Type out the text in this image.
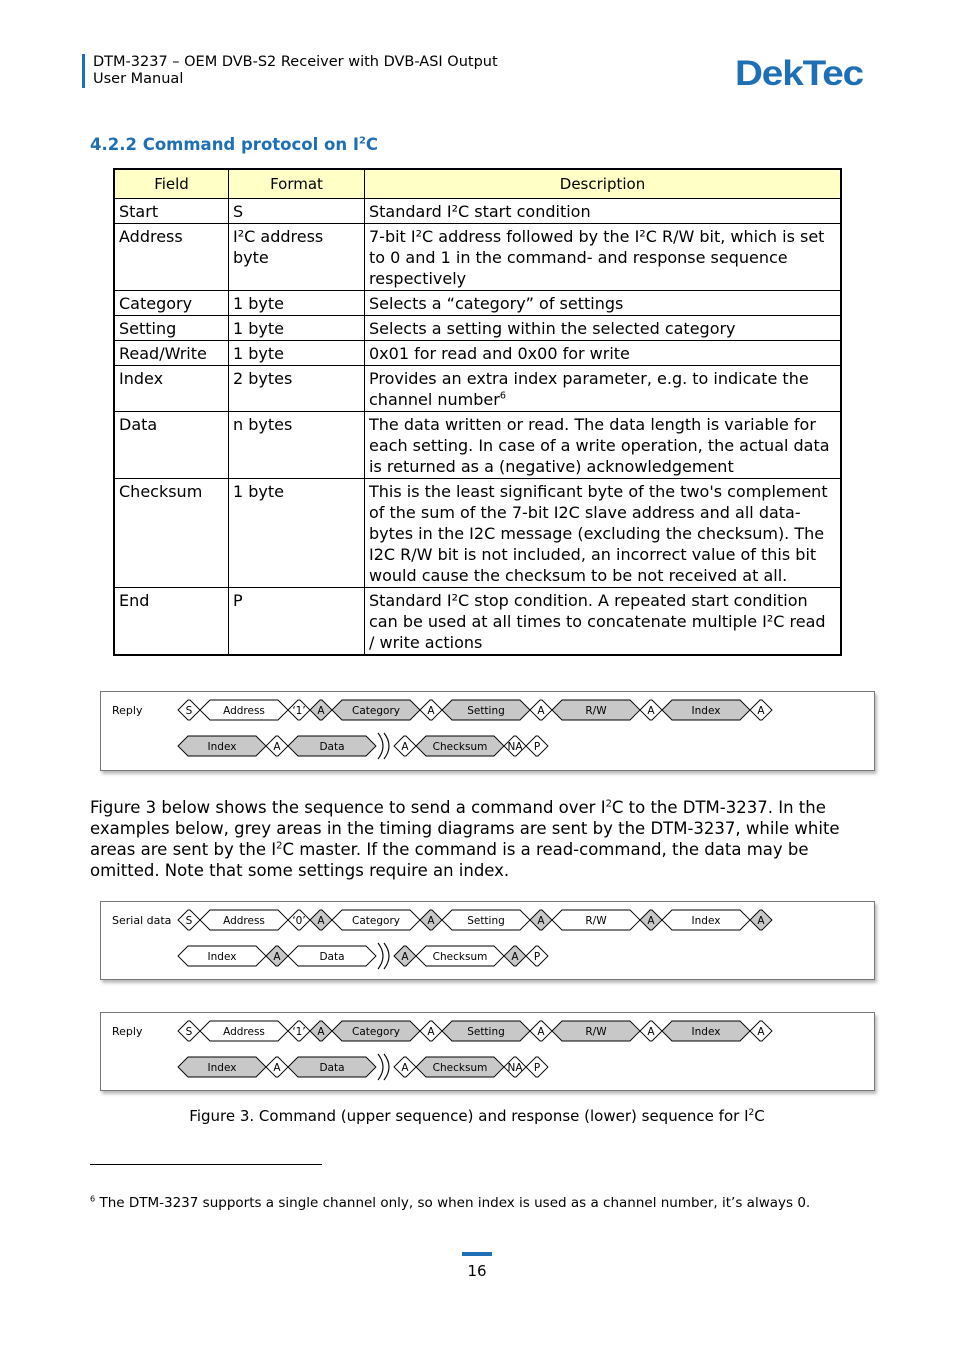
DTM-3237 – OEM DVB-S2 Receiver with DVB-ASI Output
User Manual	DekTec
4.2.2 Command protocol on $I^2C$
Field	Format	Description
Start	S	Standard I²C start condition
Address	I²C address byte	7-bit I²C address followed by the I²C R/W bit, which is set to 0 and 1 in the command- and response sequence respectively
Category	1 byte	Selects a “category” of settings
Setting	1 byte	Selects a setting within the selected category
Read/Write	1 byte	0x01 for read and 0x00 for write
Index	2 bytes	Provides an extra index parameter, e.g. to indicate the channel number$^6$
Data	n bytes	The data written or read. The data length is variable for each setting. In case of a write operation, the actual data is returned as a (negative) acknowledgement
Checksum	1 byte	This is the least significant byte of the two's complement of the sum of the 7-bit I2C slave address and all data-bytes in the I2C message (excluding the checksum). The I2C R/W bit is not included, an incorrect value of this bit would cause the checksum to be not received at all.
End	P	Standard I²C stop condition. A repeated start condition can be used at all times to concatenate multiple I²C read / write actions
Reply	S	Address	‘1’ A	Category	A	Setting	A	R/W	A	Index	A
Index	A	Data	A Checksum NA P
Figure 3 below shows the sequence to send a command over $I^2C$ to the DTM-3237. In the examples below, grey areas in the timing diagrams are sent by the DTM-3237, while white areas are sent by the $I^2C$ master. If the command is a read-command, the data may be omitted. Note that some settings require an index.
Serial data S	Address	‘0’ A	Category	A	Setting	A	R/W	A	Index	A
Index	A	Data	A Checksum A P
Reply	S	Address	‘1’ A	Category	A	Setting	A	R/W	A	Index	A
Index	A	Data	A Checksum NA P
Figure 3. Command (upper sequence) and response (lower) sequence for $I^2C$
$^6$ The DTM-3237 supports a single channel only, so when index is used as a channel number, it’s always 0.
16
